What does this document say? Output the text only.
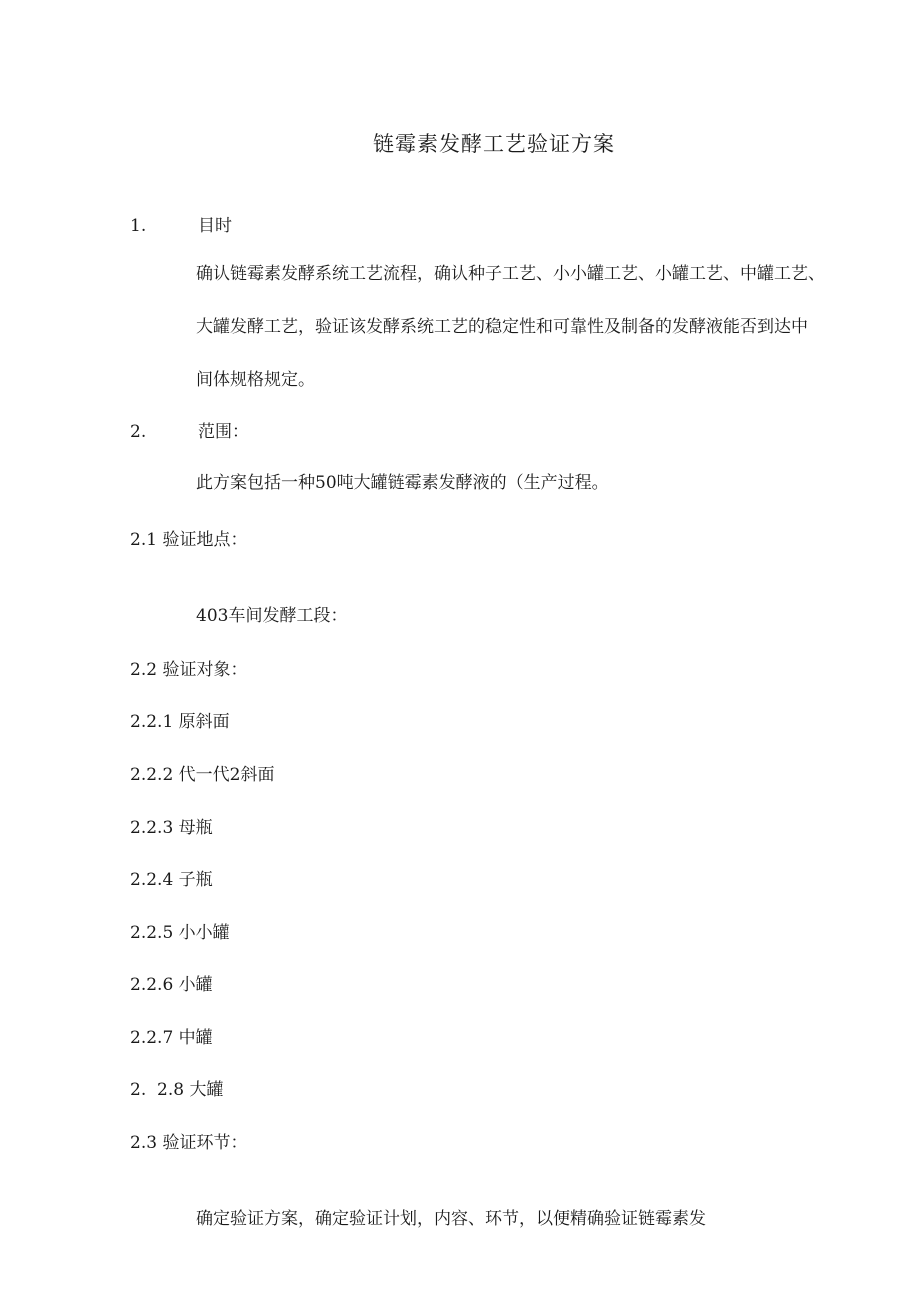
链霉素发酵工艺验证方案
1.	目时
确认链霉素发酵系统工艺流程，确认种子工艺、小小罐工艺、小罐工艺、中罐工艺、
大罐发酵工艺，验证该发酵系统工艺的稳定性和可靠性及制备的发酵液能否到达中
间体规格规定。
2.	范围：
此方案包括一种50吨大罐链霉素发酵液的（生产过程。
2.1 验证地点：
403车间发酵工段：
2.2 验证对象：
2.2.1 原斜面
2.2.2 代一代2斜面
2.2.3 母瓶
2.2.4 子瓶
2.2.5 小小罐
2.2.6 小罐
2.2.7 中罐
2.  2.8 大罐
2.3 验证环节：
确定验证方案，确定验证计划，内容、环节，以便精确验证链霉素发
